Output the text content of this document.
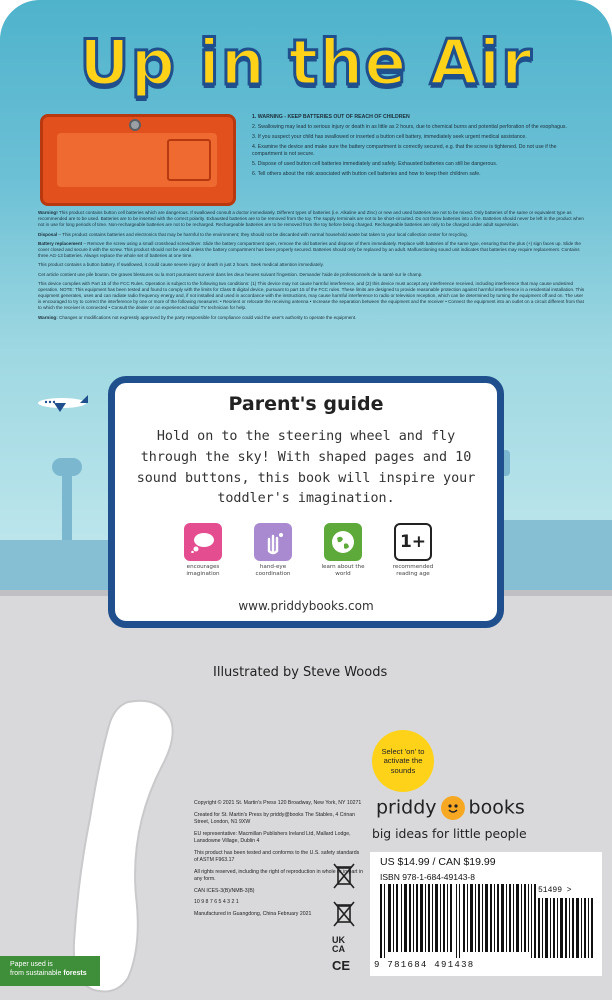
Up in the Air

1. WARNING - KEEP BATTERIES OUT OF REACH OF CHILDREN

2. Swallowing may lead to serious injury or death in as little as 2 hours, due to chemical burns and potential perforation of the esophagus.

3. If you suspect your child has swallowed or inserted a button cell battery, immediately seek urgent medical assistance.

4. Examine the device and make sure the battery compartment is correctly secured, e.g. that the screw is tightened. Do not use if the compartment is not secure.

5. Dispose of used button cell batteries immediately and safely. Exhausted batteries can still be dangerous.

6. Tell others about the risk associated with button cell batteries and how to keep their children safe.

Warning! This product contains button cell batteries which are dangerous. If swallowed consult a doctor immediately. Different types of batteries (i.e. Alkaline and Zinc) or new and used batteries are not to be mixed. Only batteries of the same or equivalent type as recommended are to be used. Batteries are to be inserted with the correct polarity. Exhausted batteries are to be removed from the toy. The supply terminals are not to be short-circuited. Do not throw batteries into a fire. Batteries should never be left in the product when not in use for long periods of time. Non-rechargeable batteries are not to be recharged. Rechargeable batteries are to be removed from the toy before being charged. Rechargeable batteries are only to be charged under adult supervision.

Disposal – This product contains batteries and electronics that may be harmful to the environment; they should not be discarded with normal household waste but taken to your local collection center for recycling.

Battery replacement – Remove the screw using a small crosshead screwdriver. Slide the battery compartment open, remove the old batteries and dispose of them immediately. Replace with batteries of the same type, ensuring that the plus (+) sign faces up. Slide the cover closed and secure it with the screw. This product should not be used unless the battery compartment has been properly secured. Batteries should only be replaced by an adult. Malfunctioning sound unit indicates that batteries may require replacement. Contains three AG-13 batteries. Always replace the whole set of batteries at one time.

This product contains a button battery. If swallowed, it could cause severe injury or death in just 2 hours. Seek medical attention immediately.

Cet article contient une pile bouton. De graves blessures ou la mort pourraient survenir dans les deux heures suivant l'ingestion. Demander l'aide de professionnels de la santé sur le champ.

This device complies with Part 15 of the FCC Rules. Operation is subject to the following two conditions: (1) This device may not cause harmful interference, and (2) this device must accept any interference received, including interference that may cause undesired operation. NOTE: This equipment has been tested and found to comply with the limits for Class B digital device, pursuant to part 15 of the FCC rules. These limits are designed to provide reasonable protection against harmful interference in a residential installation. This equipment generates, uses and can radiate radio frequency energy and, if not installed and used in accordance with the instructions, may cause harmful interference to radio or television reception, which can be determined by turning the equipment off and on. The user is encouraged to try to correct the interference by one or more of the following measures: • Reorient or relocate the receiving antenna • Increase the separation between the equipment and the receiver • Connect the equipment into an outlet on a circuit different from that to which the receiver is connected • Consult the dealer or an experienced radio/ TV technician for help.

Warning: Changes or modifications not expressly approved by the party responsible for compliance could void the user's authority to operate the equipment.

Parent's guide
Hold on to the steering wheel and fly through the sky! With shaped pages and 10 sound buttons, this book will inspire your toddler's imagination.
encourages imagination
hand-eye coordination
learn about the world
1+
recommended reading age
www.priddybooks.com
Illustrated by Steve Woods
Select 'on' to activate the sounds
priddy books
big ideas for little people

Copyright © 2021 St. Martin's Press 120 Broadway, New York, NY 10271

Created for St. Martin's Press by priddy@books The Stables, 4 Crinan Street, London, N1 9XW

EU representative: Macmillan Publishers Ireland Ltd, Mallard Lodge, Lansdowne Village, Dublin 4

This product has been tested and conforms to the U.S. safety standards of ASTM F963.17

All rights reserved, including the right of reproduction in whole or in part in any form.

CAN ICES-3(B)/NMB-3(B)

10 9 8 7 6 5 4 3 2 1

Manufactured in Guangdong, China February 2021

UK
CA
CE
US $14.99 / CAN $19.99
ISBN 978-1-684-49143-8
51499 >
9 781684 491438
Paper used is
from sustainable forests
